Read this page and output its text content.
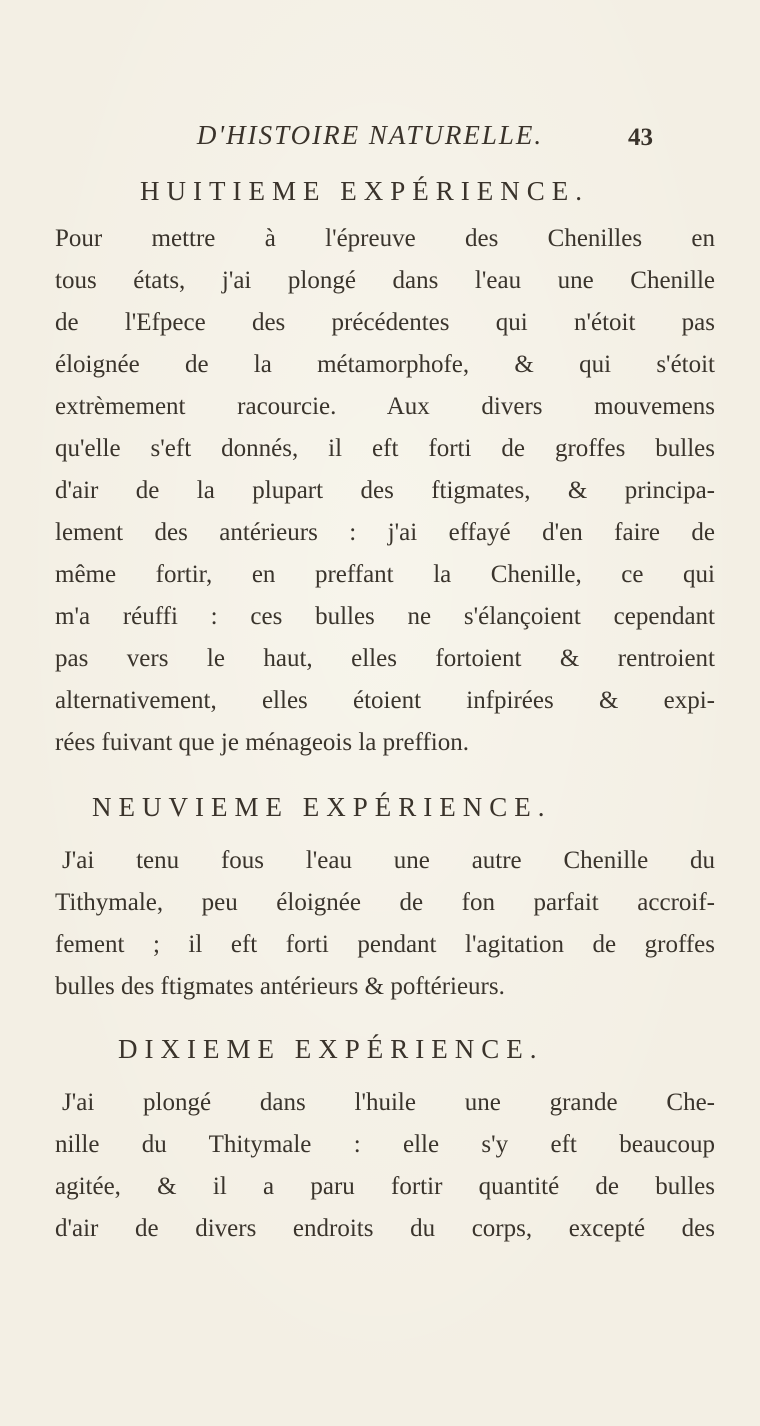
D'HISTOIRE NATURELLE.	43
HUITIEME EXPÉRIENCE.
Pour mettre à l'épreuve des Chenilles en
tous états, j'ai plongé dans l'eau une Chenille
de l'Efpece des précédentes qui n'étoit pas
éloignée de la métamorphofe, & qui s'étoit
extrèmement racourcie. Aux divers mouvemens
qu'elle s'eft donnés, il eft forti de groffes bulles
d'air de la plupart des ftigmates, & principa-
lement des antérieurs : j'ai effayé d'en faire de
même fortir, en preffant la Chenille, ce qui
m'a réuffi : ces bulles ne s'élançoient cependant
pas vers le haut, elles fortoient & rentroient
alternativement, elles étoient infpirées & expi-
rées fuivant que je ménageois la preffion.
NEUVIEME EXPÉRIENCE.
J'ai tenu fous l'eau une autre Chenille du
Tithymale, peu éloignée de fon parfait accroif-
fement ; il eft forti pendant l'agitation de groffes
bulles des ftigmates antérieurs & poftérieurs.
DIXIEME EXPÉRIENCE.
J'ai plongé dans l'huile une grande Che-
nille du Thitymale : elle s'y eft beaucoup
agitée, & il a paru fortir quantité de bulles
d'air de divers endroits du corps, excepté des
